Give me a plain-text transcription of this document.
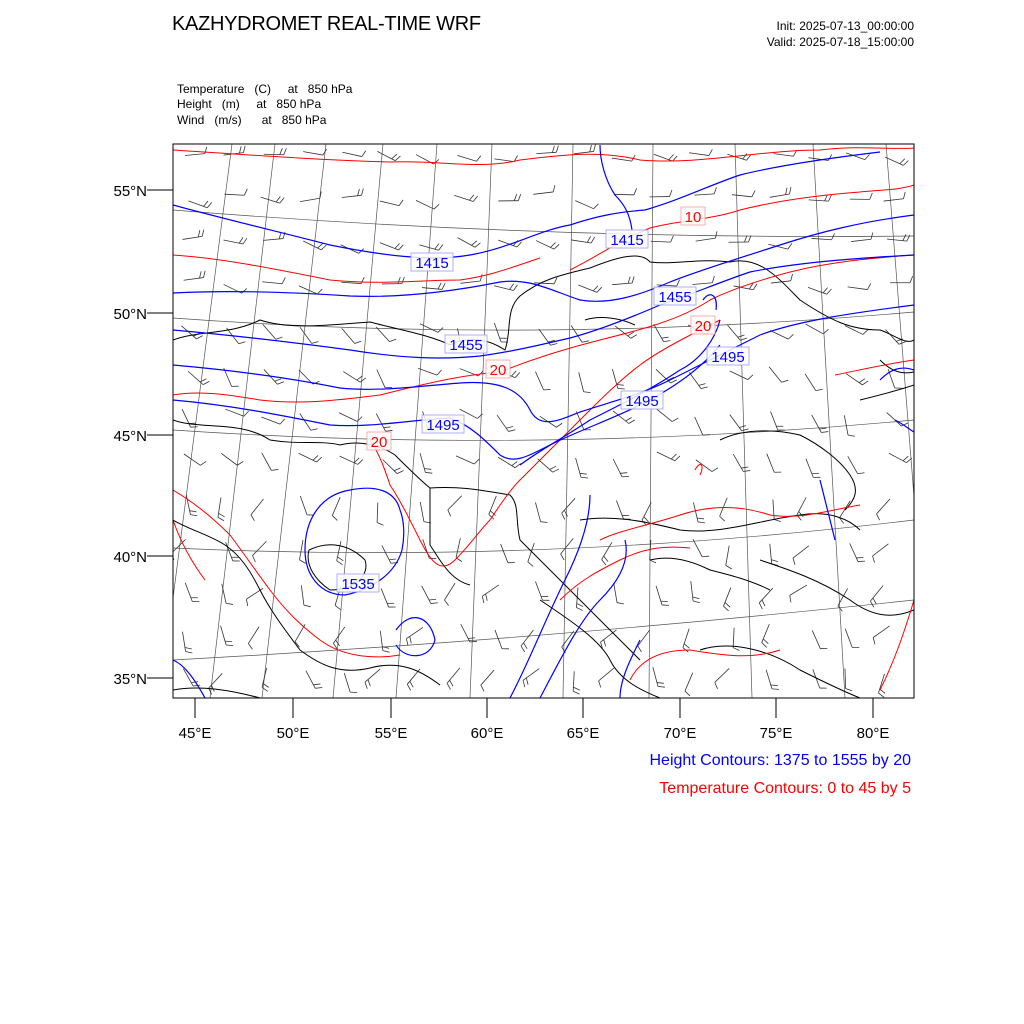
KAZHYDROMET REAL-TIME WRF	Init: 2025-07-13_00:00:00
Valid: 2025-07-18_15:00:00
Temperature (C) at 850 hPa
Height (m) at 850 hPa
Wind (m/s) at 850 hPa
1415
1415
1455
1455
1495
1495
1495
1535
10
20
20
20
55°N
50°N
45°N
40°N
35°N
45°E	50°E	55°E	60°E	65°E	70°E	75°E	80°E
Height Contours: 1375 to 1555 by 20
Temperature Contours: 0 to 45 by 5
